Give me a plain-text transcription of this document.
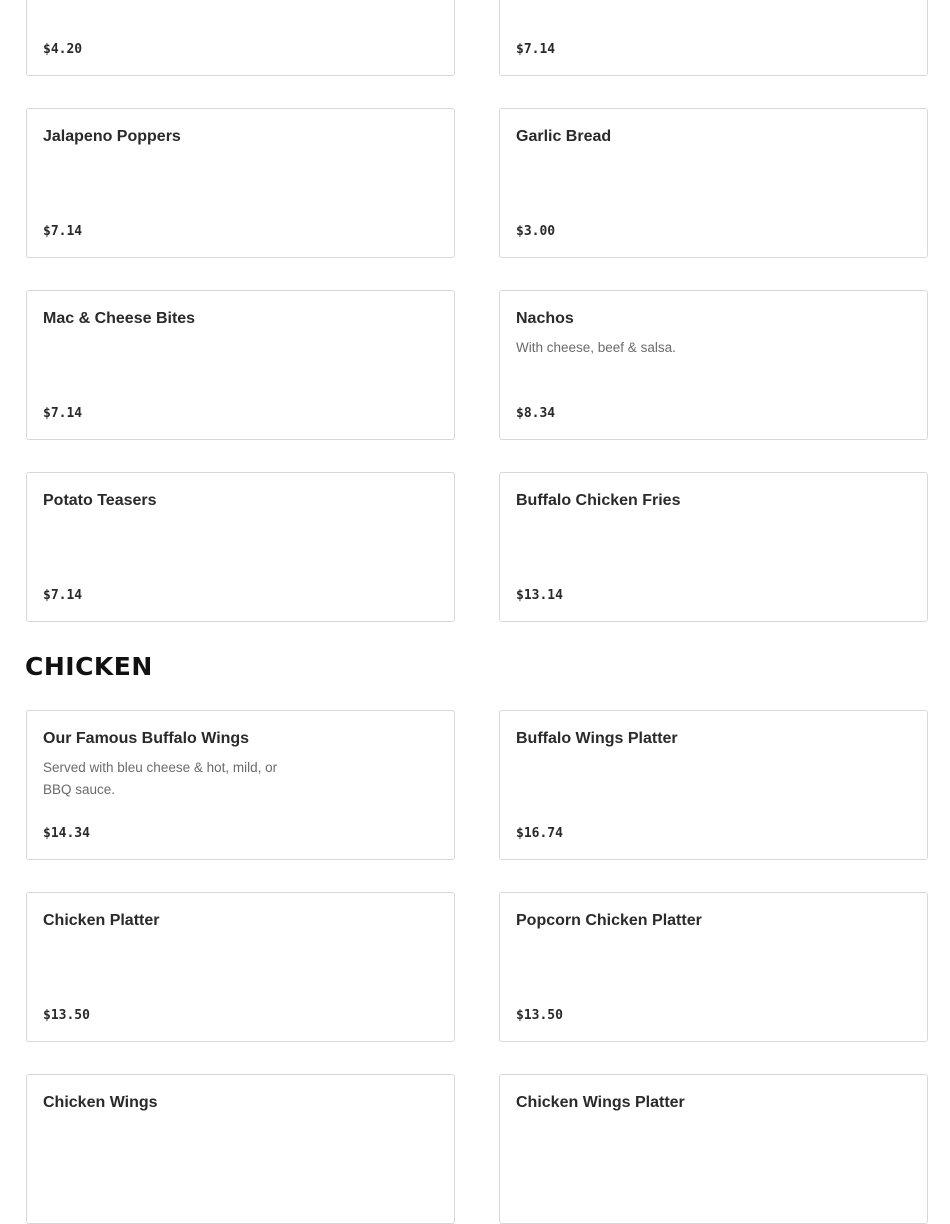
$4.20	$7.14
Jalapeno Poppers
$7.14
Garlic Bread
$3.00
Mac & Cheese Bites
$7.14
Nachos
With cheese, beef & salsa.
$8.34
Potato Teasers
$7.14
Buffalo Chicken Fries
$13.14
CHICKEN
Our Famous Buffalo Wings
Served with bleu cheese & hot, mild, or BBQ sauce.
$14.34
Buffalo Wings Platter
$16.74
Chicken Platter
$13.50
Popcorn Chicken Platter
$13.50
Chicken Wings	Chicken Wings Platter
